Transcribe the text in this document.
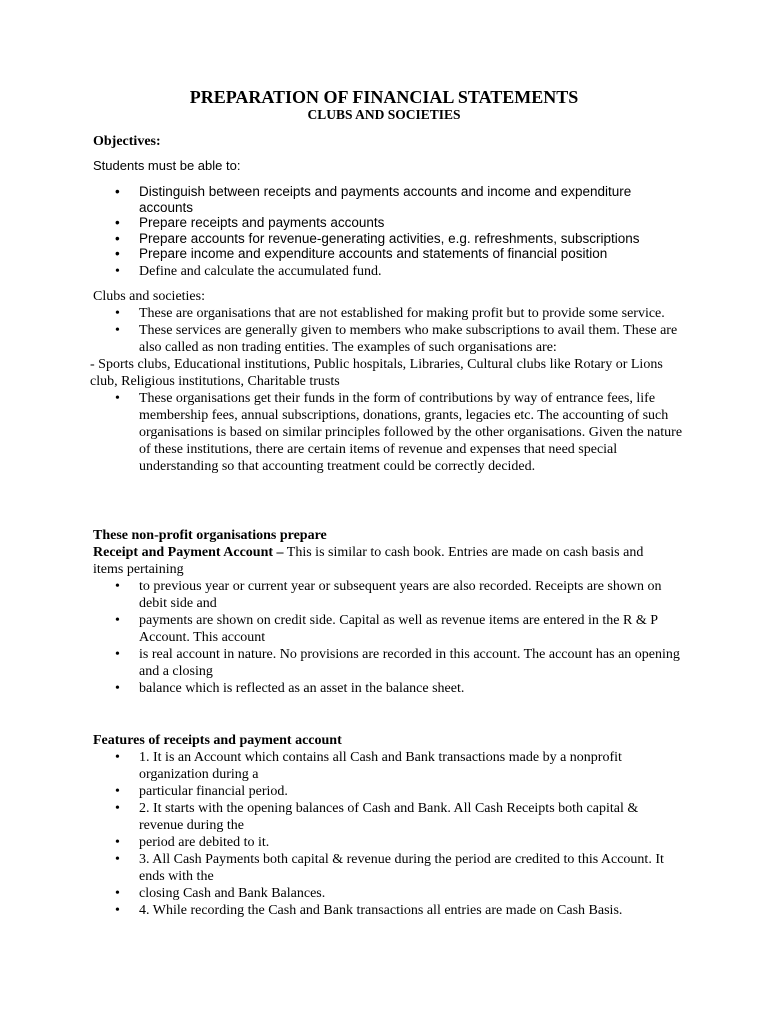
PREPARATION OF FINANCIAL STATEMENTS
CLUBS AND SOCIETIES
Objectives:
Students must be able to:
• Distinguish between receipts and payments accounts and income and expenditure accounts
• Prepare receipts and payments accounts
• Prepare accounts for revenue-generating activities, e.g. refreshments, subscriptions
• Prepare income and expenditure accounts and statements of financial position
• Define and calculate the accumulated fund.
Clubs and societies:
• These are organisations that are not established for making profit but to provide some service.
• These services are generally given to members who make subscriptions to avail them. These are also called as non trading entities. The examples of such organisations are:
- Sports clubs, Educational institutions, Public hospitals, Libraries, Cultural clubs like Rotary or Lions club, Religious institutions, Charitable trusts
• These organisations get their funds in the form of contributions by way of entrance fees, life membership fees, annual subscriptions, donations, grants, legacies etc. The accounting of such organisations is based on similar principles followed by the other organisations. Given the nature of these institutions, there are certain items of revenue and expenses that need special understanding so that accounting treatment could be correctly decided.
These non-profit organisations prepare
Receipt and Payment Account – This is similar to cash book. Entries are made on cash basis and
items pertaining
• to previous year or current year or subsequent years are also recorded. Receipts are shown on debit side and
• payments are shown on credit side. Capital as well as revenue items are entered in the R & P Account. This account
• is real account in nature. No provisions are recorded in this account. The account has an opening and a closing
• balance which is reflected as an asset in the balance sheet.
Features of receipts and payment account
• 1. It is an Account which contains all Cash and Bank transactions made by a nonprofit organization during a
• particular financial period.
• 2. It starts with the opening balances of Cash and Bank. All Cash Receipts both capital & revenue during the
• period are debited to it.
• 3. All Cash Payments both capital & revenue during the period are credited to this Account. It ends with the
• closing Cash and Bank Balances.
• 4. While recording the Cash and Bank transactions all entries are made on Cash Basis.
